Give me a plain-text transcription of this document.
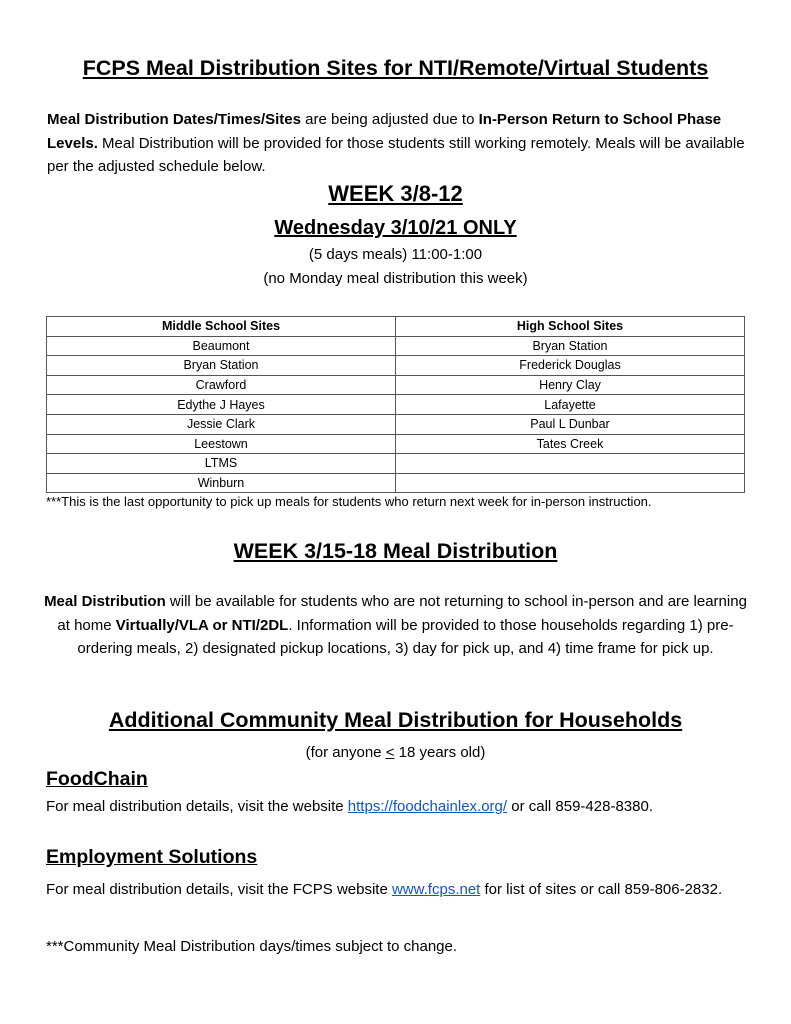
FCPS Meal Distribution Sites for NTI/Remote/Virtual Students
Meal Distribution Dates/Times/Sites are being adjusted due to In-Person Return to School Phase Levels. Meal Distribution will be provided for those students still working remotely. Meals will be available per the adjusted schedule below.
WEEK 3/8-12
Wednesday 3/10/21 ONLY
(5 days meals) 11:00-1:00
(no Monday meal distribution this week)
Middle School Sites	High School Sites
Beaumont	Bryan Station
Bryan Station	Frederick Douglas
Crawford	Henry Clay
Edythe J Hayes	Lafayette
Jessie Clark	Paul L Dunbar
Leestown	Tates Creek
LTMS	
Winburn	
***This is the last opportunity to pick up meals for students who return next week for in-person instruction.
WEEK 3/15-18 Meal Distribution
Meal Distribution will be available for students who are not returning to school in-person and are learning at home Virtually/VLA or NTI/2DL. Information will be provided to those households regarding 1) pre-ordering meals, 2) designated pickup locations, 3) day for pick up, and 4) time frame for pick up.
Additional Community Meal Distribution for Households
(for anyone ≤ 18 years old)
FoodChain
For meal distribution details, visit the website https://foodchainlex.org/ or call 859-428-8380.
Employment Solutions
For meal distribution details, visit the FCPS website www.fcps.net for list of sites or call 859-806-2832.
***Community Meal Distribution days/times subject to change.
